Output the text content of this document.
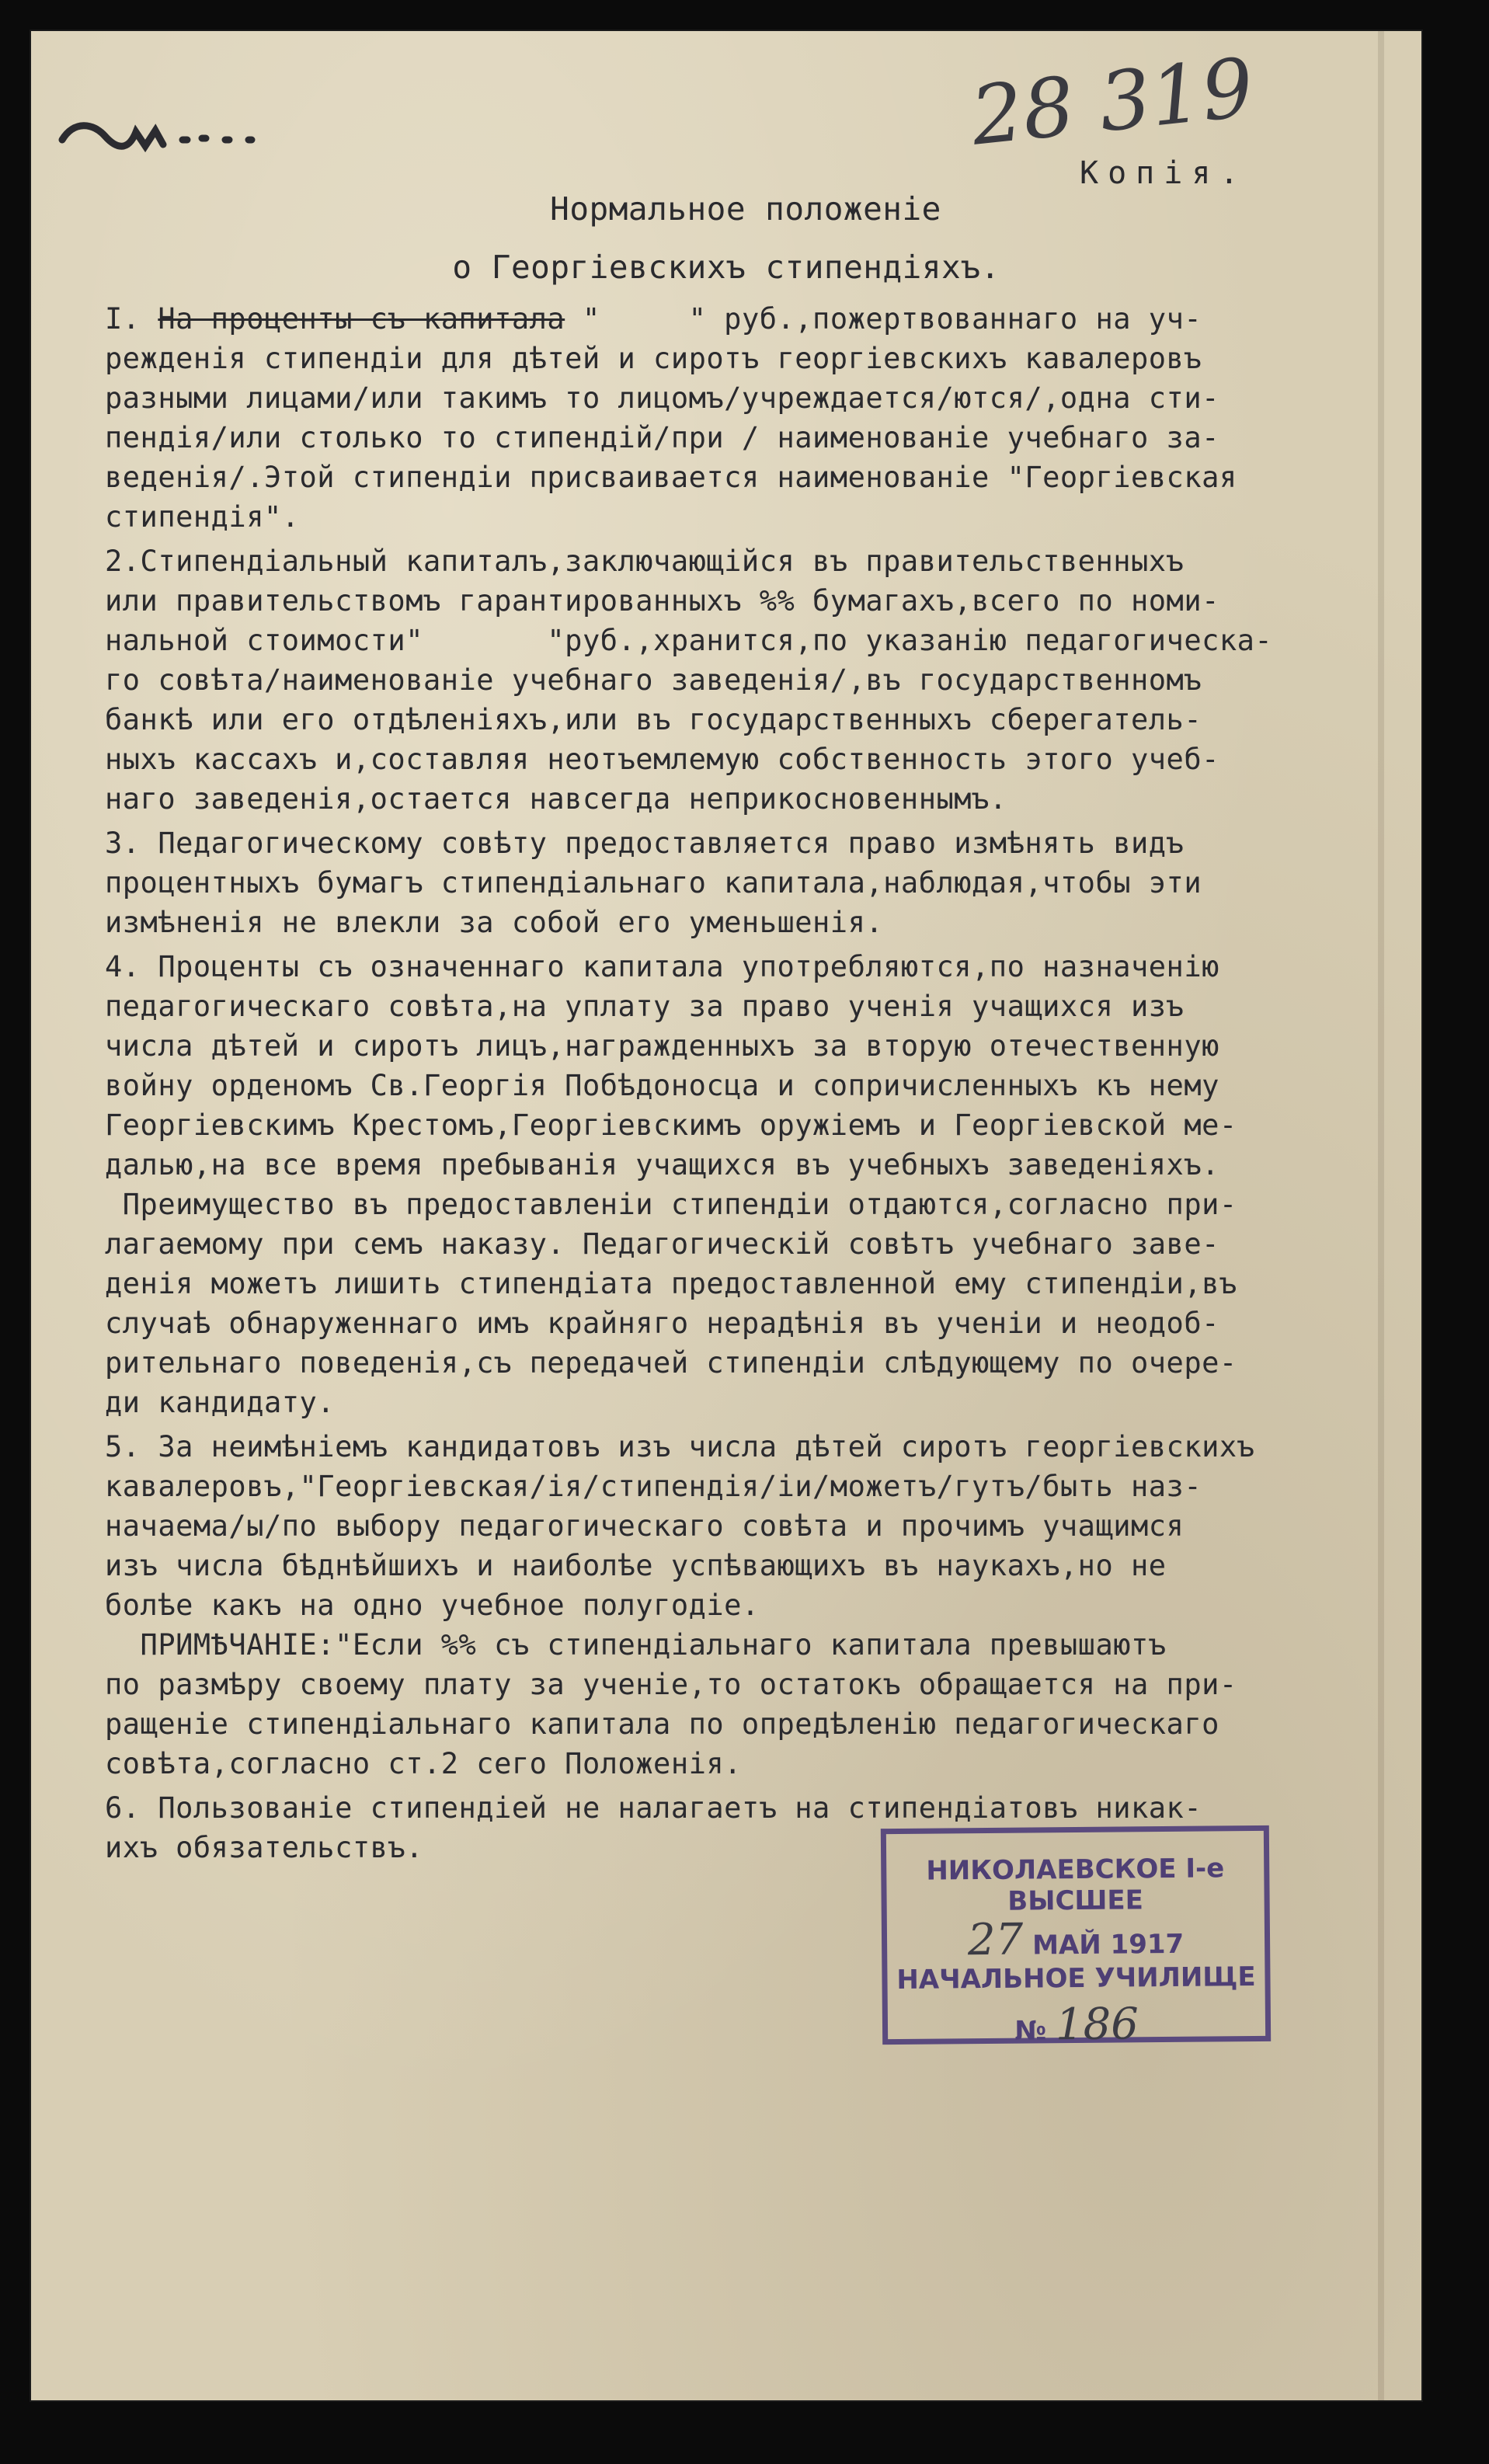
28 319
Копія.
Нормальное положеніе
о Георгіевскихъ стипендіяхъ.
I. На проценты съ капитала "     " руб.,пожертвованнаго на уч-
реждeнiя стипендiи для дѣтей и сиротъ георгiевскихъ кавалеровъ
разными лицами/или такимъ то лицомъ/учреждается/ются/,одна сти-
пендія/или столько то стипендій/при / наименованіе учебнаго за-
веденія/.Этой стипендіи присваивается наименованіе "Георгіевская
стипендія".
2.Стипендіальный капиталъ,заключающійся въ правительственныхъ
или правительствомъ гарантированныхъ %% бумагахъ,всего по номи-
нальной стоимости"       "руб.,хранится,по указанію педагогическа-
го совѣта/наименованіе учебнаго заведенія/,въ государственномъ
банкѣ или его отдѣленіяхъ,или въ государственныхъ сберегатель-
ныхъ кассахъ и,составляя неотъемлемую собственность этого учеб-
наго заведенія,остается навсегда неприкосновеннымъ.
3. Педагогическому совѣту предоставляется право измѣнять видъ
процентныхъ бумагъ стипендіальнаго капитала,наблюдая,чтобы эти
измѣненія не влекли за собой его уменьшенія.
4. Проценты съ означеннаго капитала употребляются,по назначенію
педагогическаго совѣта,на уплату за право ученія учащихся изъ
числа дѣтей и сиротъ лицъ,награжденныхъ за вторую отечественную
войну орденомъ Св.Георгія Побѣдоносца и сопричисленныхъ къ нему
Георгіевскимъ Крестомъ,Георгіевскимъ оружіемъ и Георгіевской ме-
далью,на все время пребыванія учащихся въ учебныхъ заведеніяхъ.
Преимущество въ предоставленіи стипендіи отдаются,согласно при-
лагаемому при семъ наказу. Педагогическій совѣтъ учебнаго заве-
денія можетъ лишить стипендіата предоставленной ему стипендіи,въ
случаѣ обнаруженнаго имъ крайняго нерадѣнія въ ученіи и неодоб-
рительнаго поведенія,съ передачей стипендіи слѣдующему по очере-
ди кандидату.
5. За неимѣніемъ кандидатовъ изъ числа дѣтей сиротъ георгіевскихъ
кавалеровъ,"Георгіевская/ія/стипендія/іи/можетъ/гутъ/быть наз-
начаема/ы/по выбору педагогическаго совѣта и прочимъ учащимся
изъ числа бѣднѣйшихъ и наиболѣе успѣвающихъ въ наукахъ,но не
болѣе какъ на одно учебное полугодіе.
ПРИМѢЧАНІЕ:"Если %% съ стипендіальнаго капитала превышаютъ
по размѣру своему плату за ученіе,то остатокъ обращается на при-
ращеніе стипендіальнаго капитала по опредѣленію педагогическаго
совѣта,согласно ст.2 сего Положенія.
6. Пользованіе стипендіей не налагаетъ на стипендіатовъ никак-
ихъ обязательствъ.
НИКОЛАЕВСКОЕ I-е ВЫСШЕЕ
27 МАЙ 1917
НАЧАЛЬНОЕ УЧИЛИЩЕ
№ 186
